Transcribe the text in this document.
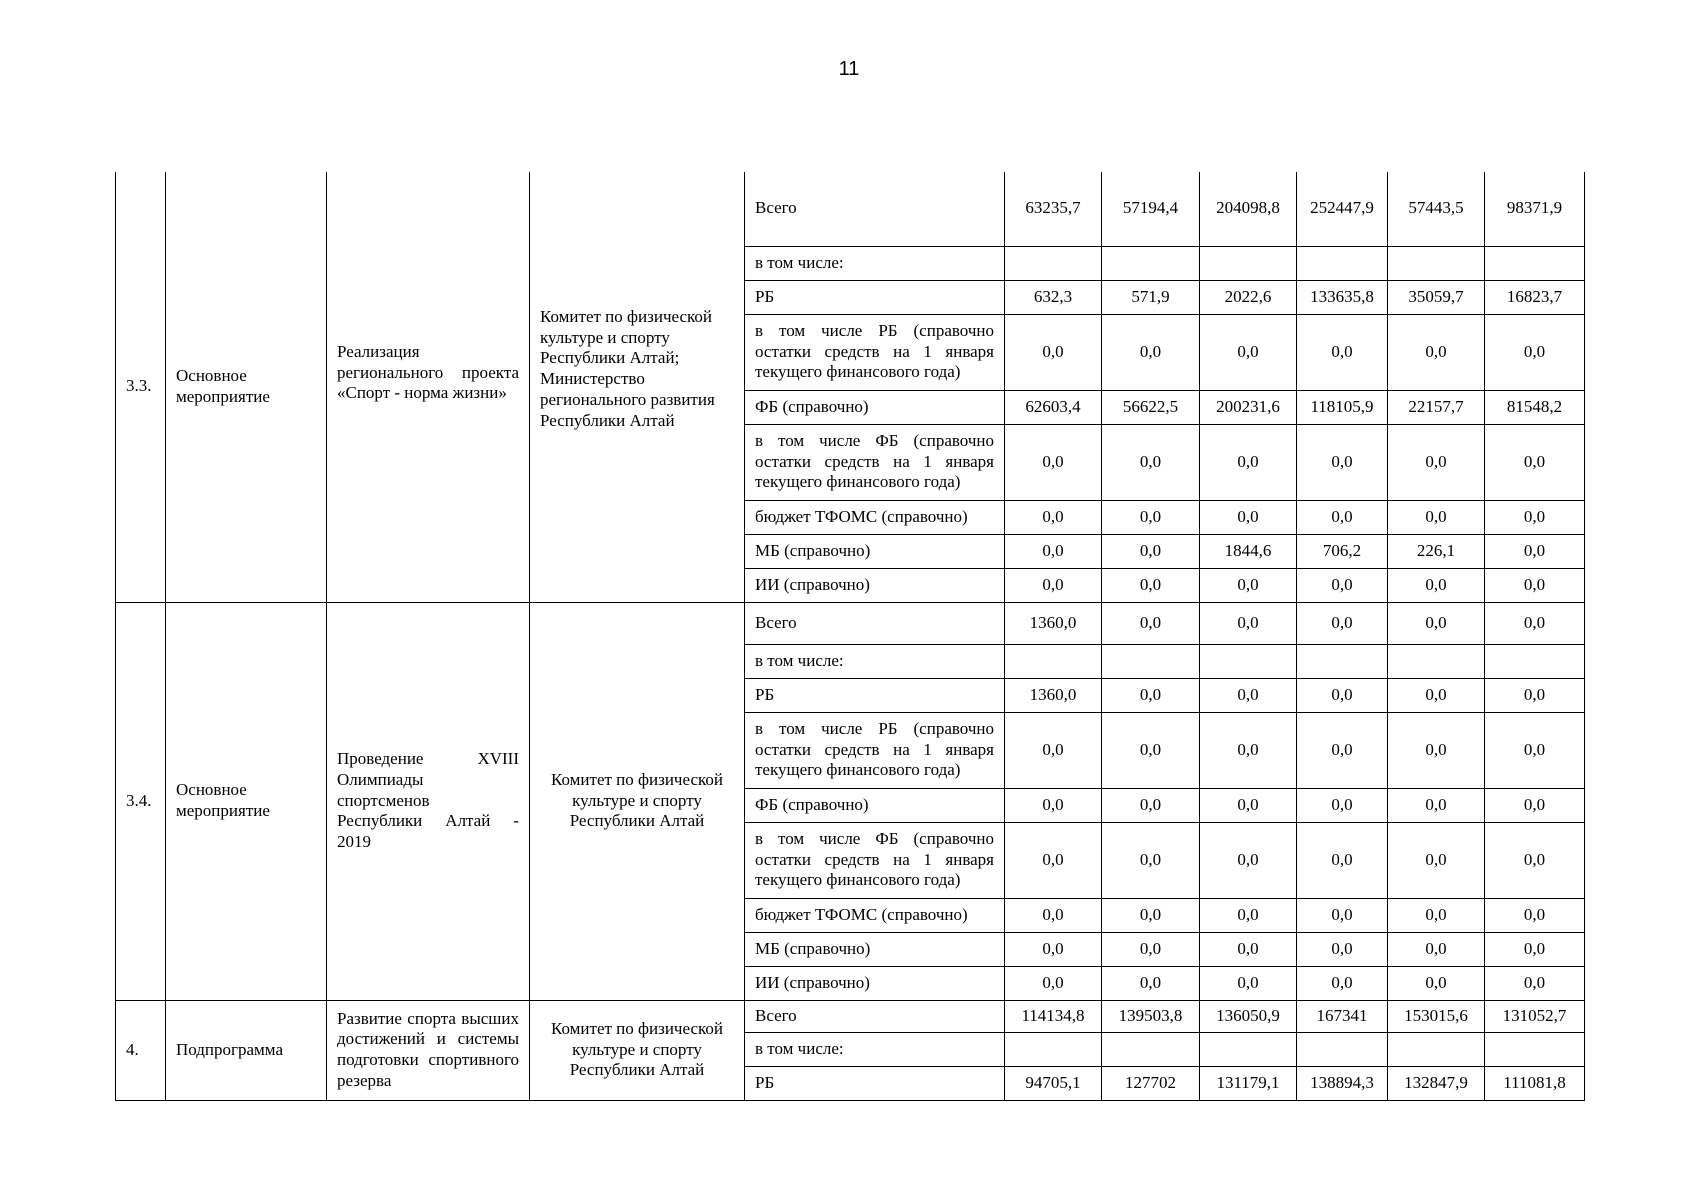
11
3.3.	Основное мероприятие	Реализация регионального проекта «Спорт - норма жизни»	Комитет по физической культуре и спорту Республики Алтай; Министерство регионального развития Республики Алтай	Всего	63235,7	57194,4	204098,8	252447,9	57443,5	98371,9
				в том числе:						
				РБ	632,3	571,9	2022,6	133635,8	35059,7	16823,7
				в том числе РБ (справочно остатки средств на 1 января текущего финансового года)	0,0	0,0	0,0	0,0	0,0	0,0
				ФБ (справочно)	62603,4	56622,5	200231,6	118105,9	22157,7	81548,2
				в том числе ФБ (справочно остатки средств на 1 января текущего финансового года)	0,0	0,0	0,0	0,0	0,0	0,0
				бюджет ТФОМС (справочно)	0,0	0,0	0,0	0,0	0,0	0,0
				МБ (справочно)	0,0	0,0	1844,6	706,2	226,1	0,0
				ИИ (справочно)	0,0	0,0	0,0	0,0	0,0	0,0
3.4.	Основное мероприятие	Проведение XVIII Олимпиады спортсменов Республики Алтай - 2019	Комитет по физической культуре и спорту Республики Алтай	Всего	1360,0	0,0	0,0	0,0	0,0	0,0
				в том числе:						
				РБ	1360,0	0,0	0,0	0,0	0,0	0,0
				в том числе РБ (справочно остатки средств на 1 января текущего финансового года)	0,0	0,0	0,0	0,0	0,0	0,0
				ФБ (справочно)	0,0	0,0	0,0	0,0	0,0	0,0
				в том числе ФБ (справочно остатки средств на 1 января текущего финансового года)	0,0	0,0	0,0	0,0	0,0	0,0
				бюджет ТФОМС (справочно)	0,0	0,0	0,0	0,0	0,0	0,0
				МБ (справочно)	0,0	0,0	0,0	0,0	0,0	0,0
				ИИ (справочно)	0,0	0,0	0,0	0,0	0,0	0,0
4.	Подпрограмма	Развитие спорта высших достижений и системы подготовки спортивного резерва	Комитет по физической культуре и спорту Республики Алтай	Всего	114134,8	139503,8	136050,9	167341	153015,6	131052,7
				в том числе:						
				РБ	94705,1	127702	131179,1	138894,3	132847,9	111081,8
